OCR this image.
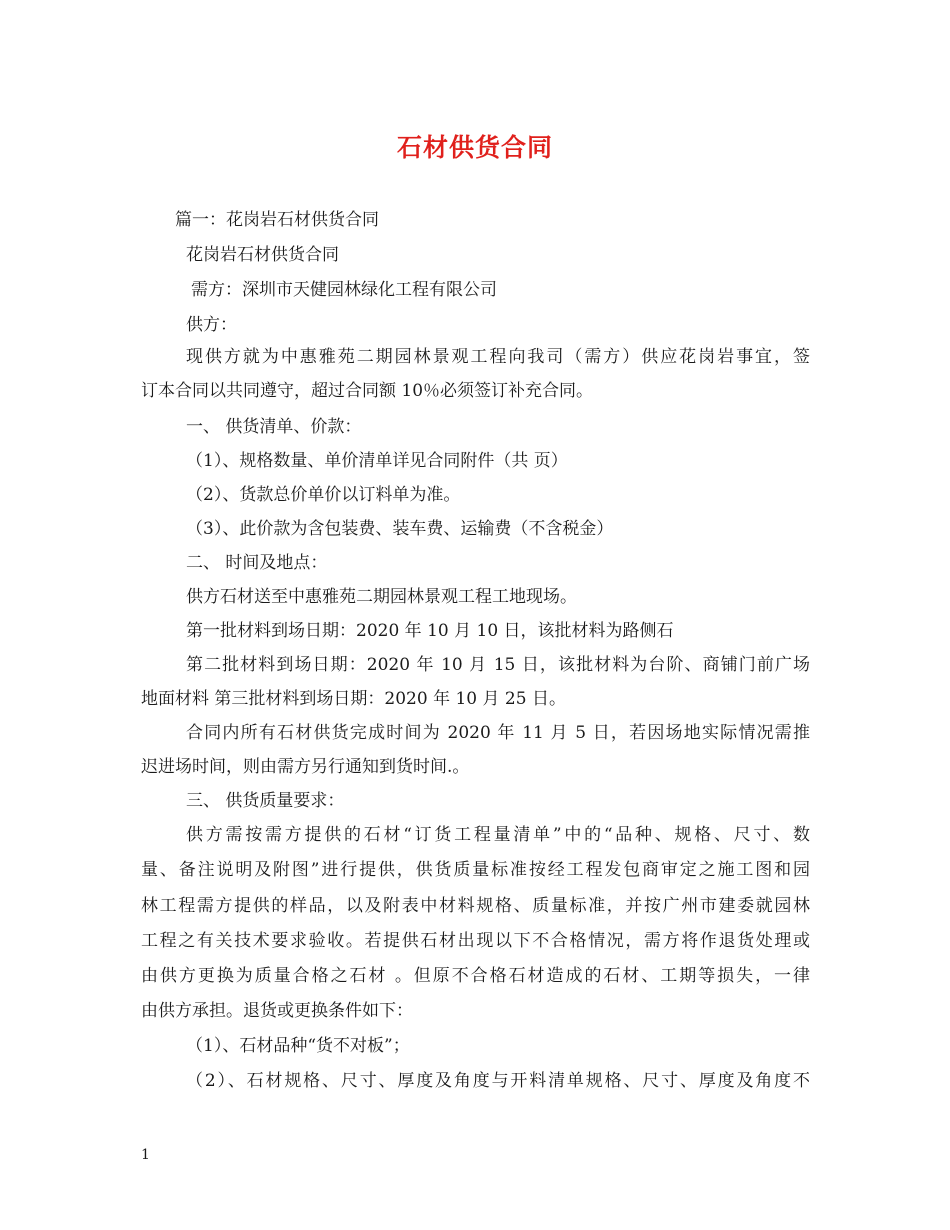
石材供货合同

篇一：花岗岩石材供货合同

花岗岩石材供货合同

需方：深圳市天健园林绿化工程有限公司

供方：

现供方就为中惠雅苑二期园林景观工程向我司（需方）供应花岗岩事宜，签

订本合同以共同遵守，超过合同额 10％必须签订补充合同。

一、 供货清单、价款：

（1）、规格数量、单价清单详见合同附件（共 页）

（2）、货款总价单价以订料单为准。

（3）、此价款为含包装费、装车费、运输费（不含税金）

二、 时间及地点：

供方石材送至中惠雅苑二期园林景观工程工地现场。

第一批材料到场日期：2020 年 10 月 10 日，该批材料为路侧石

第二批材料到场日期：2020 年 10 月 15 日，该批材料为台阶、商铺门前广场

地面材料 第三批材料到场日期：2020 年 10 月 25 日。

合同内所有石材供货完成时间为 2020 年 11 月 5 日，若因场地实际情况需推

迟进场时间，则由需方另行通知到货时间.。

三、 供货质量要求：

供方需按需方提供的石材“订货工程量清单”中的“品种、规格、尺寸、数

量、备注说明及附图”进行提供，供货质量标准按经工程发包商审定之施工图和园

林工程需方提供的样品，以及附表中材料规格、质量标准，并按广州市建委就园林

工程之有关技术要求验收。若提供石材出现以下不合格情况，需方将作退货处理或

由供方更换为质量合格之石材 。但原不合格石材造成的石材、工期等损失，一律

由供方承担。退货或更换条件如下：

（1）、石材品种“货不对板”；

（2）、石材规格、尺寸、厚度及角度与开料清单规格、尺寸、厚度及角度不

1
